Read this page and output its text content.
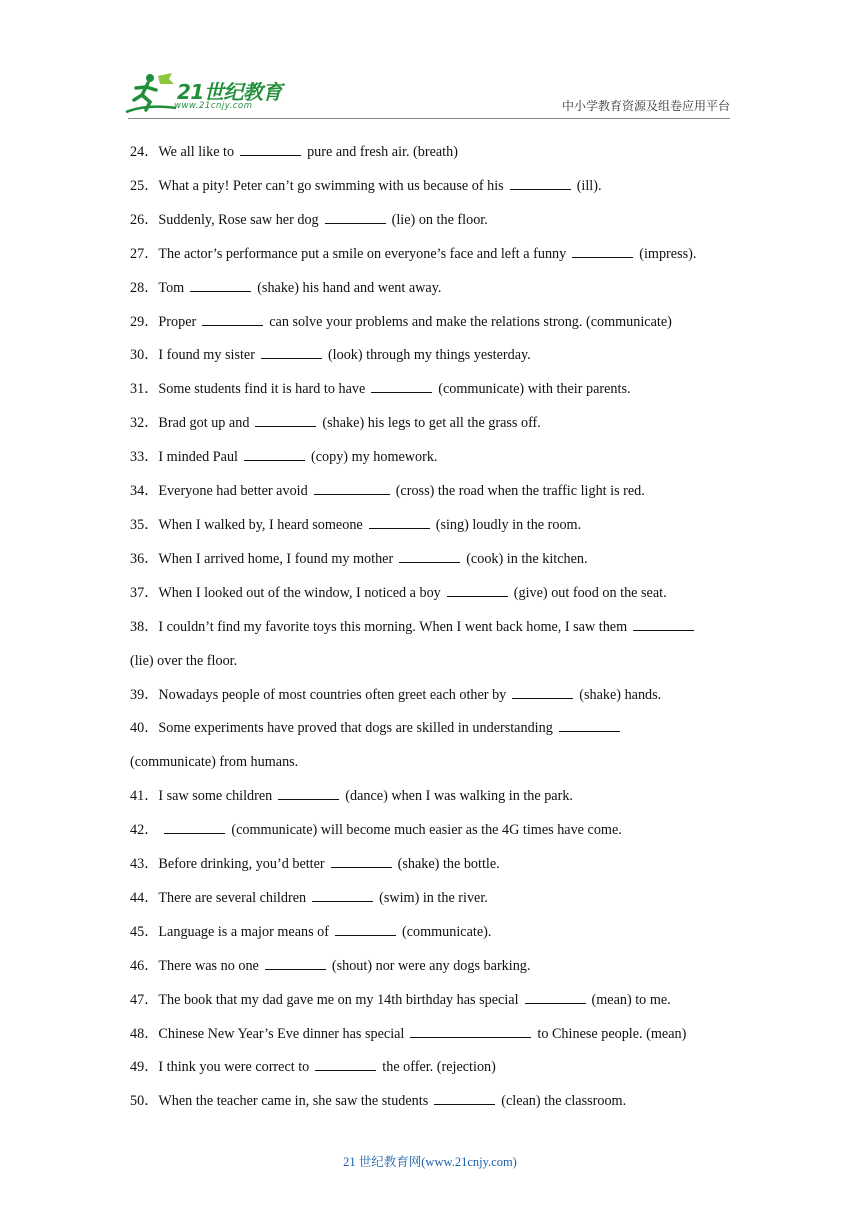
21世纪教育
www.21cnjy.com	中小学教育资源及组卷应用平台

24．We all like to	pure and fresh air. (breath)

25．What a pity! Peter can’t go swimming with us because of his	(ill).

26．Suddenly, Rose saw her dog	(lie) on the floor.

27．The actor’s performance put a smile on everyone’s face and left a funny	(impress).

28．Tom	(shake) his hand and went away.

29．Proper	can solve your problems and make the relations strong. (communicate)

30．I found my sister	(look) through my things yesterday.

31．Some students find it is hard to have	(communicate) with their parents.

32．Brad got up and	(shake) his legs to get all the grass off.

33．I minded Paul	(copy) my homework.

34．Everyone had better avoid	(cross) the road when the traffic light is red.

35．When I walked by, I heard someone	(sing) loudly in the room.

36．When I arrived home, I found my mother	(cook) in the kitchen.

37．When I looked out of the window, I noticed a boy	(give) out food on the seat.

38．I couldn’t find my favorite toys this morning. When I went back home, I saw them

(lie) over the floor.

39．Nowadays people of most countries often greet each other by	(shake) hands.

40．Some experiments have proved that dogs are skilled in understanding

(communicate) from humans.

41．I saw some children	(dance) when I was walking in the park.

42．	(communicate) will become much easier as the 4G times have come.

43．Before drinking, you’d better	(shake) the bottle.

44．There are several children	(swim) in the river.

45．Language is a major means of	(communicate).

46．There was no one	(shout) nor were any dogs barking.

47．The book that my dad gave me on my 14th birthday has special	(mean) to me.

48．Chinese New Year’s Eve dinner has special	to Chinese people. (mean)

49．I think you were correct to	the offer. (rejection)

50．When the teacher came in, she saw the students	(clean) the classroom.

21 世纪教育网(www.21cnjy.com)
